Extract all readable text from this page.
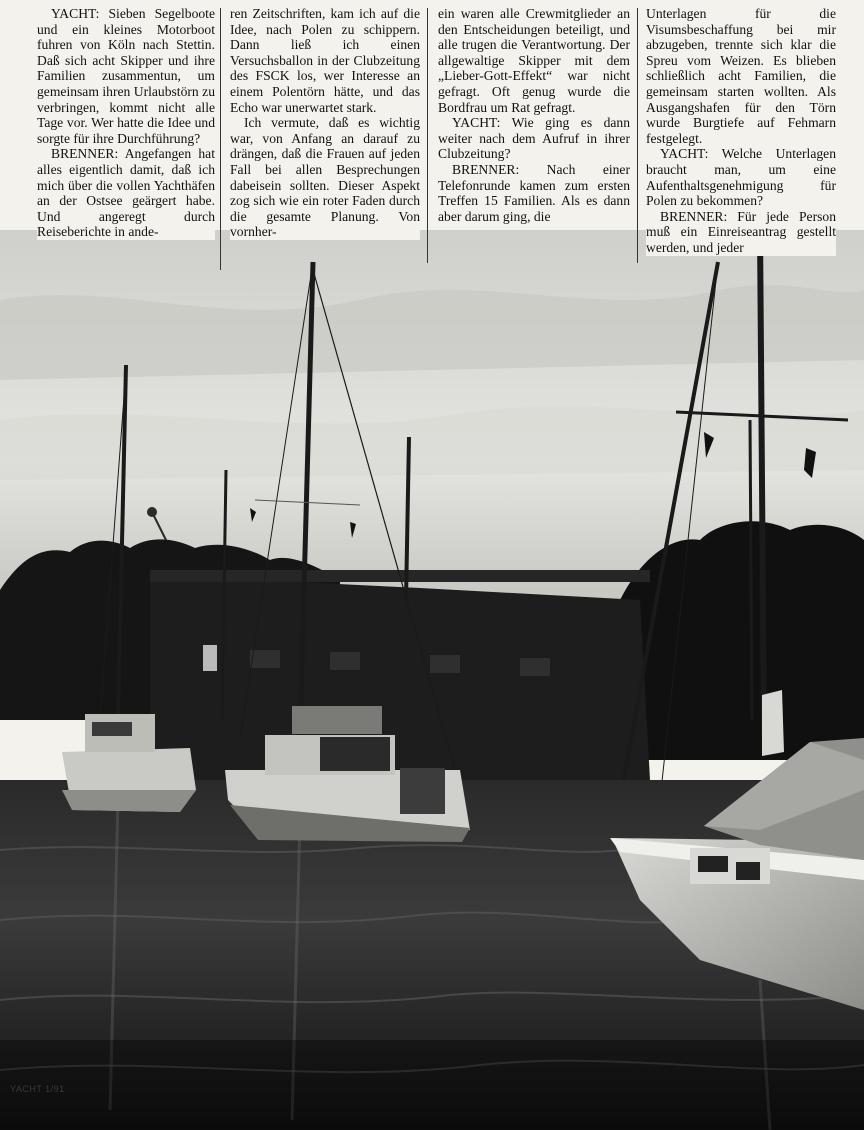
YACHT: Sieben Segelboote und ein kleines Motorboot fuhren von Köln nach Stettin. Daß sich acht Skipper und ihre Familien zusammentun, um gemeinsam ihren Urlaubstörn zu verbringen, kommt nicht alle Tage vor. Wer hatte die Idee und sorgte für ihre Durchführung?

BRENNER: Angefangen hat alles eigentlich damit, daß ich mich über die vollen Yachthäfen an der Ostsee geärgert habe. Und angeregt durch Reiseberichte in ande-

ren Zeitschriften, kam ich auf die Idee, nach Polen zu schippern. Dann ließ ich einen Versuchsballon in der Clubzeitung des FSCK los, wer Interesse an einem Polentörn hätte, und das Echo war unerwartet stark.

Ich vermute, daß es wichtig war, von Anfang an darauf zu drängen, daß die Frauen auf jeden Fall bei allen Besprechungen dabeisein sollten. Dieser Aspekt zog sich wie ein roter Faden durch die gesamte Planung. Von vornher-

ein waren alle Crewmitglieder an den Entscheidungen beteiligt, und alle trugen die Verantwortung. Der allgewaltige Skipper mit dem „Lieber-Gott-Effekt“ war nicht gefragt. Oft genug wurde die Bordfrau um Rat gefragt.

YACHT: Wie ging es dann weiter nach dem Aufruf in ihrer Clubzeitung?

BRENNER: Nach einer Telefonrunde kamen zum ersten Treffen 15 Familien. Als es dann aber darum ging, die

Unterlagen für die Visumsbeschaffung bei mir abzugeben, trennte sich klar die Spreu vom Weizen. Es blieben schließlich acht Familien, die gemeinsam starten wollten. Als Ausgangshafen für den Törn wurde Burgtiefe auf Fehmarn festgelegt.

YACHT: Welche Unterlagen braucht man, um eine Aufenthaltsgenehmigung für Polen zu bekommen?

BRENNER: Für jede Person muß ein Einreiseantrag gestellt werden, und jeder

YACHT 1/91
